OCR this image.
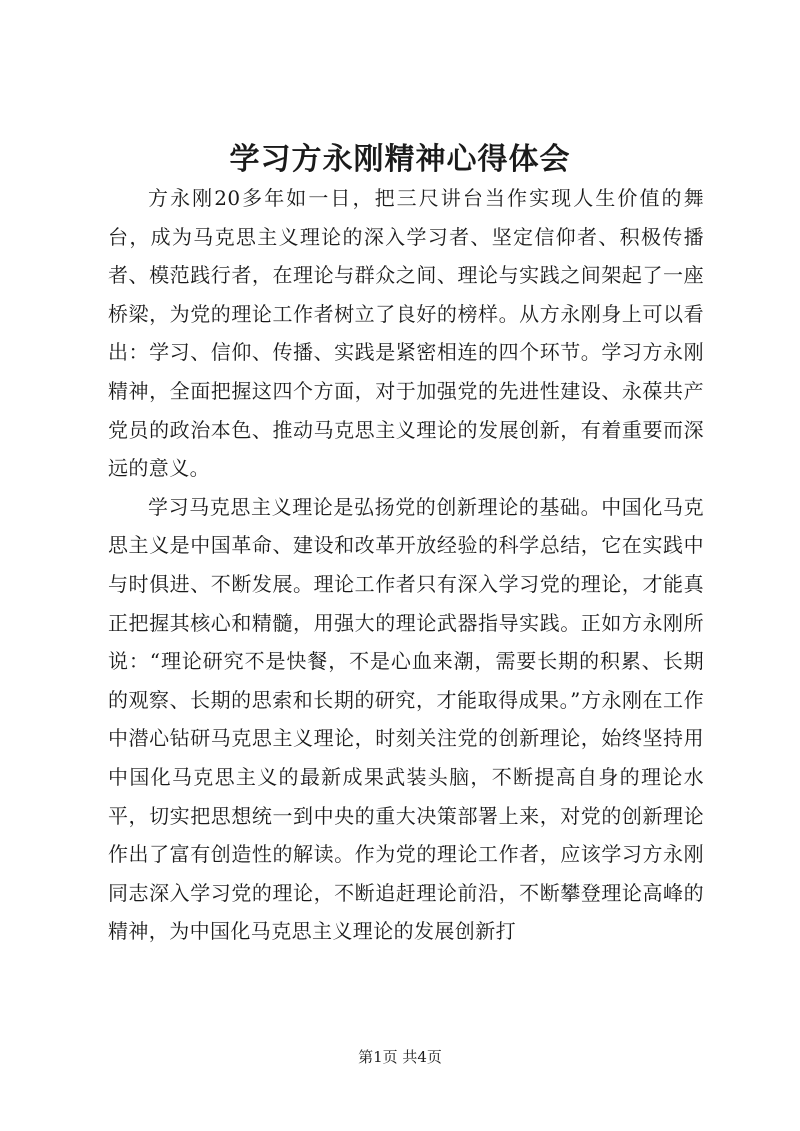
学习方永刚精神心得体会

方永刚20多年如一日，把三尺讲台当作实现人生价值的舞台，成为马克思主义理论的深入学习者、坚定信仰者、积极传播者、模范践行者，在理论与群众之间、理论与实践之间架起了一座桥梁，为党的理论工作者树立了良好的榜样。从方永刚身上可以看出：学习、信仰、传播、实践是紧密相连的四个环节。学习方永刚精神，全面把握这四个方面，对于加强党的先进性建设、永葆共产党员的政治本色、推动马克思主义理论的发展创新，有着重要而深远的意义。

学习马克思主义理论是弘扬党的创新理论的基础。中国化马克思主义是中国革命、建设和改革开放经验的科学总结，它在实践中与时俱进、不断发展。理论工作者只有深入学习党的理论，才能真正把握其核心和精髓，用强大的理论武器指导实践。正如方永刚所说：“理论研究不是快餐，不是心血来潮，需要长期的积累、长期的观察、长期的思索和长期的研究，才能取得成果。”方永刚在工作中潜心钻研马克思主义理论，时刻关注党的创新理论，始终坚持用中国化马克思主义的最新成果武装头脑，不断提高自身的理论水平，切实把思想统一到中央的重大决策部署上来，对党的创新理论作出了富有创造性的解读。作为党的理论工作者，应该学习方永刚同志深入学习党的理论，不断追赶理论前沿，不断攀登理论高峰的精神，为中国化马克思主义理论的发展创新打

第1页 共4页
